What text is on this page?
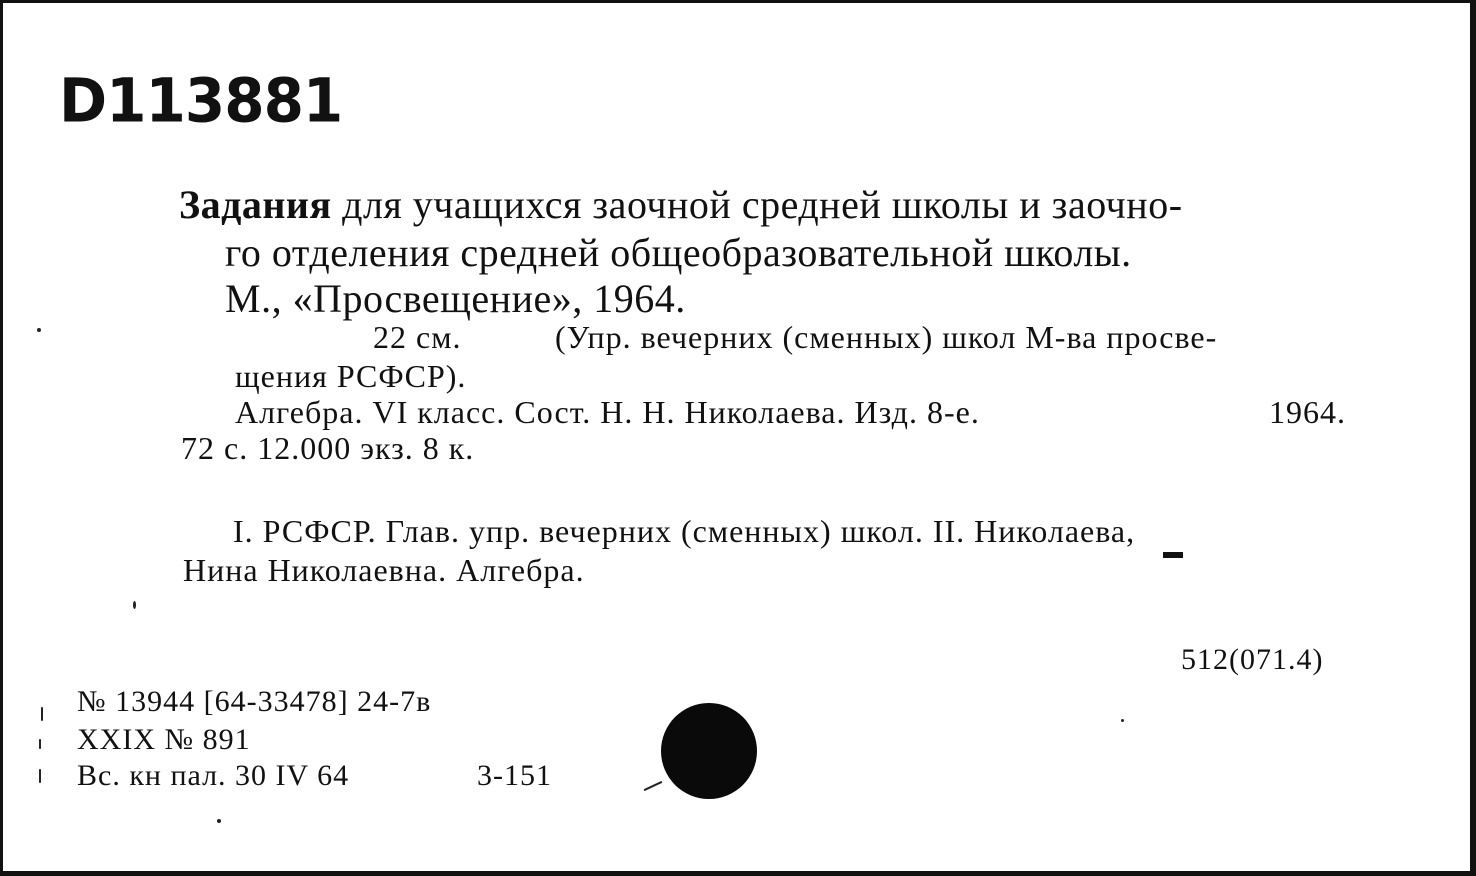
D113881
Задания для учащихся заочной средней школы и заочно-
го отделения средней общеобразовательной школы.
М., «Просвещение», 1964.
22 см.	(Упр. вечерних (сменных) школ М-ва просве-
щения РСФСР).
Алгебра. VI класс. Сост. Н. Н. Николаева. Изд. 8-е.	1964.
72 с. 12.000 экз. 8 к.
I. РСФСР. Глав. упр. вечерних (сменных) школ. II. Николаева,
Нина Николаевна. Алгебра.
512(071.4)
№ 13944 [64-33478] 24-7в
XXIX № 891
Вс. кн пал. 30 IV 64	3-151
